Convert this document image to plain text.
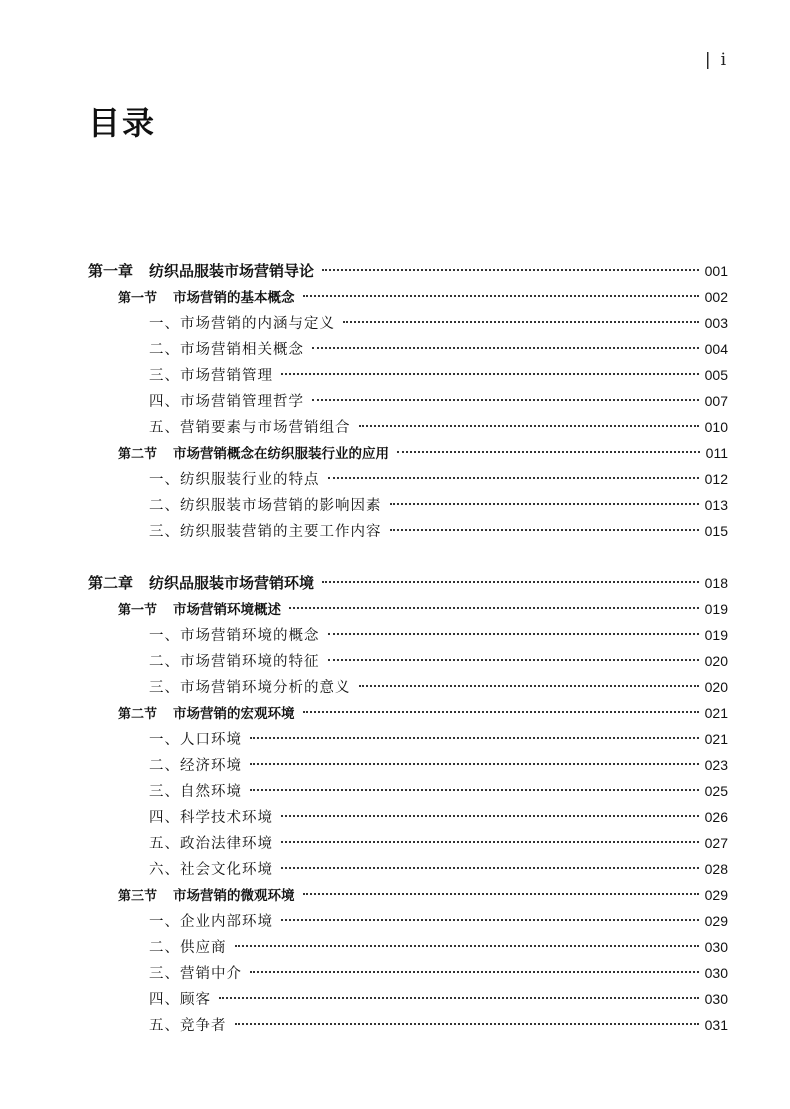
| i
目录
第一章 纺织品服装市场营销导论	001
第一节 市场营销的基本概念	002
一、市场营销的内涵与定义	003
二、市场营销相关概念	004
三、市场营销管理	005
四、市场营销管理哲学	007
五、营销要素与市场营销组合	010
第二节 市场营销概念在纺织服装行业的应用	011
一、纺织服装行业的特点	012
二、纺织服装市场营销的影响因素	013
三、纺织服装营销的主要工作内容	015
第二章 纺织品服装市场营销环境	018
第一节 市场营销环境概述	019
一、市场营销环境的概念	019
二、市场营销环境的特征	020
三、市场营销环境分析的意义	020
第二节 市场营销的宏观环境	021
一、人口环境	021
二、经济环境	023
三、自然环境	025
四、科学技术环境	026
五、政治法律环境	027
六、社会文化环境	028
第三节 市场营销的微观环境	029
一、企业内部环境	029
二、供应商	030
三、营销中介	030
四、顾客	030
五、竞争者	031
